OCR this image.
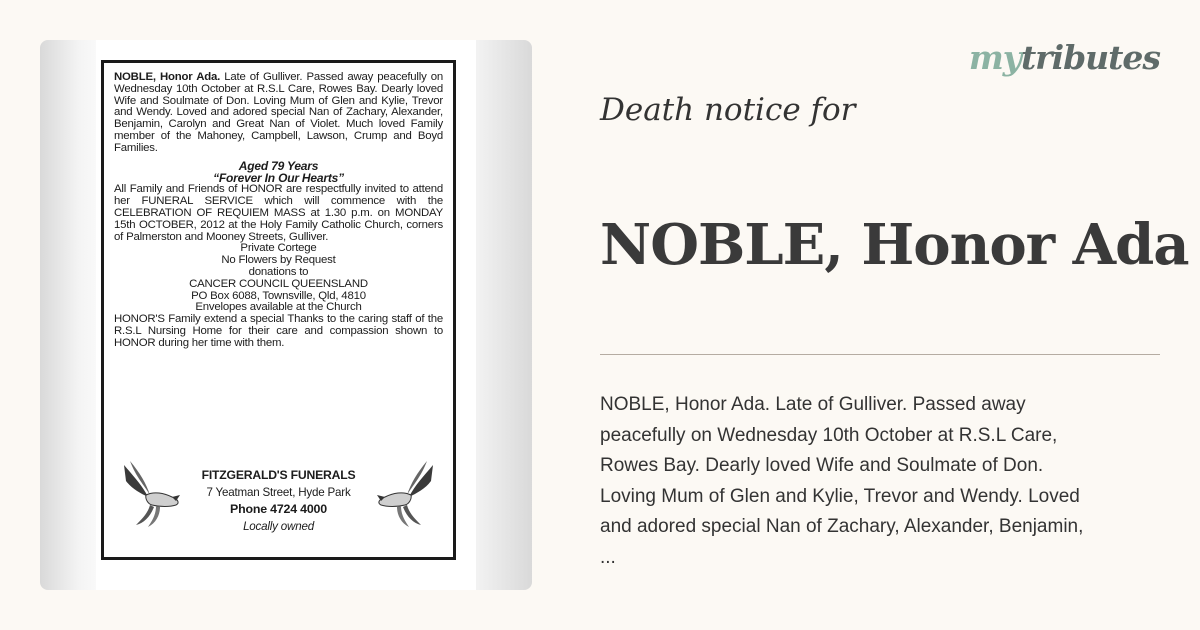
NOBLE, Honor Ada. Late of Gulliver. Passed away peacefully on Wednesday 10th October at R.S.L Care, Rowes Bay. Dearly loved Wife and Soulmate of Don. Loving Mum of Glen and Kylie, Trevor and Wendy. Loved and adored special Nan of Zachary, Alexander, Benjamin, Carolyn and Great Nan of Violet. Much loved Family member of the Mahoney, Campbell, Lawson, Crump and Boyd Families.

Aged 79 Years

“Forever In Our Hearts”

All Family and Friends of HONOR are respectfully invited to attend her FUNERAL SERVICE which will commence with the CELEBRATION OF REQUIEM MASS at 1.30 p.m. on MONDAY 15th OCTOBER, 2012 at the Holy Family Catholic Church, corners of Palmerston and Mooney Streets, Gulliver.

Private Cortege

No Flowers by Request

donations to

CANCER COUNCIL QUEENSLAND

PO Box 6088, Townsville, Qld, 4810

Envelopes available at the Church

HONOR'S Family extend a special Thanks to the caring staff of the R.S.L Nursing Home for their care and compassion shown to HONOR during her time with them.

FITZGERALD'S FUNERALS
7 Yeatman Street, Hyde Park
Phone 4724 4000
Locally owned
mytributes
Death notice for
NOBLE, Honor Ada
NOBLE, Honor Ada. Late of Gulliver. Passed away
peacefully on Wednesday 10th October at R.S.L Care,
Rowes Bay. Dearly loved Wife and Soulmate of Don.
Loving Mum of Glen and Kylie, Trevor and Wendy. Loved
and adored special Nan of Zachary, Alexander, Benjamin,
...
